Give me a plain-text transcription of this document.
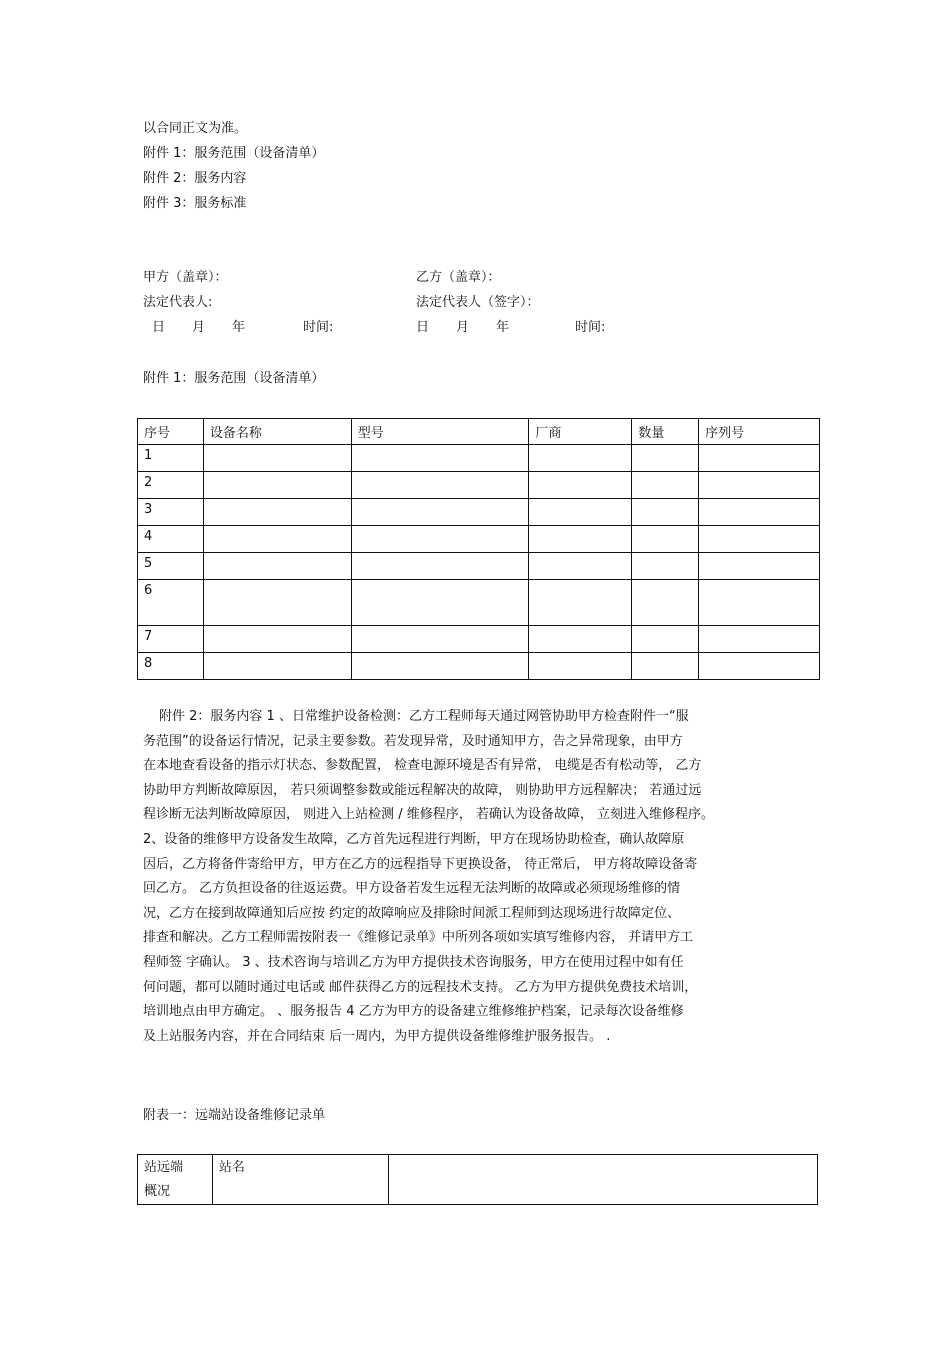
以合同正文为准。
附件 1：服务范围（设备清单）
附件 2：服务内容
附件 3：服务标准
甲方（盖章）：	乙方（盖章）：
法定代表人:	法定代表人（签字）：
日 月 年	时间:	日 月 年	时间:
附件 1：服务范围（设备清单）
序号	设备名称	型号	厂商	数量	序列号
1					
2					
3					
4					
5					
6					
7					
8					
附件 2：服务内容 1 、日常维护设备检测：乙方工程师每天通过网管协助甲方检查附件一“服
务范围”的设备运行情况，记录主要参数。若发现异常，及时通知甲方，告之异常现象，由甲方
在本地查看设备的指示灯状态、参数配置， 检查电源环境是否有异常， 电缆是否有松动等， 乙方
协助甲方判断故障原因， 若只须调整参数或能远程解决的故障， 则协助甲方远程解决； 若通过远
程诊断无法判断故障原因， 则进入上站检测 / 维修程序， 若确认为设备故障， 立刻进入维修程序。
2、设备的维修甲方设备发生故障，乙方首先远程进行判断，甲方在现场协助检查，确认故障原
因后，乙方将备件寄给甲方，甲方在乙方的远程指导下更换设备， 待正常后， 甲方将故障设备寄
回乙方。 乙方负担设备的往返运费。甲方设备若发生远程无法判断的故障或必须现场维修的情
况，乙方在接到故障通知后应按 约定的故障响应及排除时间派工程师到达现场进行故障定位、
排查和解决。乙方工程师需按附表一《维修记录单》中所列各项如实填写维修内容， 并请甲方工
程师签 字确认。 3 、技术咨询与培训乙方为甲方提供技术咨询服务，甲方在使用过程中如有任
何问题，都可以随时通过电话或 邮件获得乙方的远程技术支持。 乙方为甲方提供免费技术培训，
培训地点由甲方确定。 、服务报告 4 乙方为甲方的设备建立维修维护档案，记录每次设备维修
及上站服务内容，并在合同结束 后一周内，为甲方提供设备维修维护服务报告。 .
附表一：远端站设备维修记录单
站远端
概况
	站名	
